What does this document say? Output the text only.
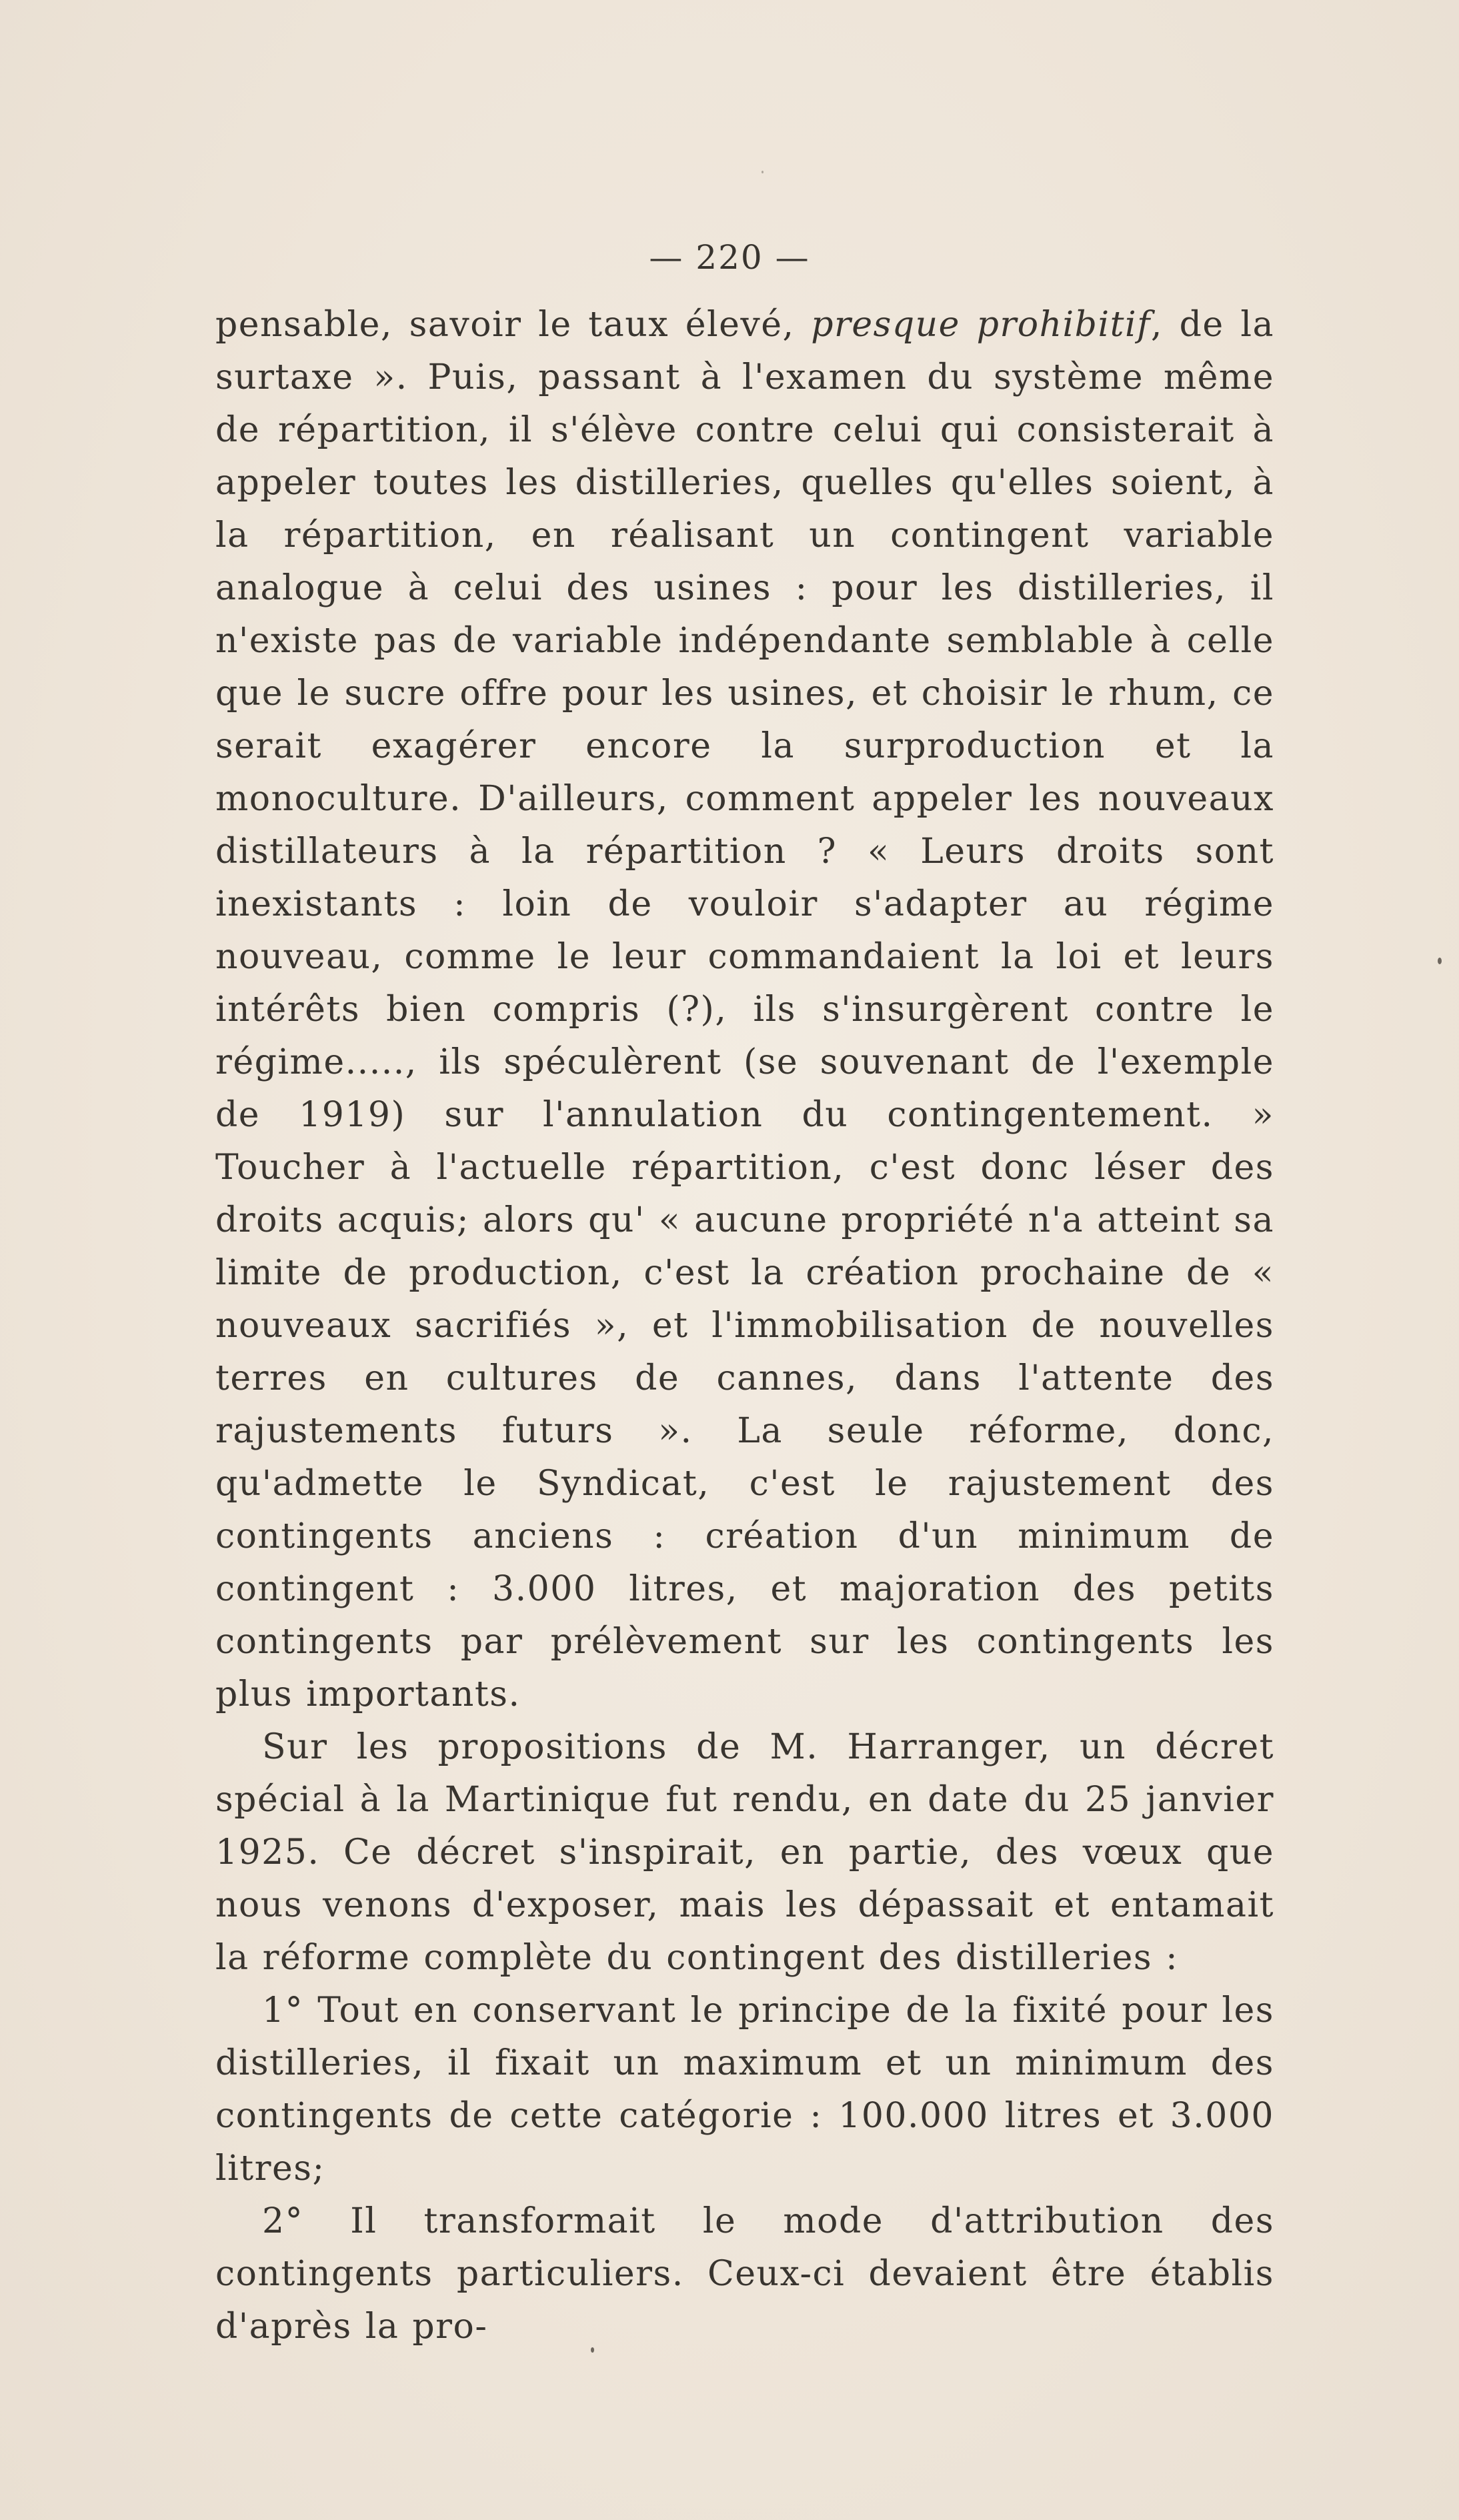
— 220 —

pensable, savoir le taux élevé, presque prohibitif, de la surtaxe ». Puis, passant à l'examen du système même de répartition, il s'élève contre celui qui consisterait à appeler toutes les distilleries, quelles qu'elles soient, à la répartition, en réalisant un contingent variable analogue à celui des usines : pour les distilleries, il n'existe pas de variable indépendante semblable à celle que le sucre offre pour les usines, et choisir le rhum, ce serait exagérer encore la surproduction et la monoculture. D'ailleurs, comment appeler les nouveaux distillateurs à la répartition ? « Leurs droits sont inexistants : loin de vouloir s'adapter au régime nouveau, comme le leur commandaient la loi et leurs intérêts bien compris (?), ils s'insurgèrent contre le régime....., ils spéculèrent (se souvenant de l'exemple de 1919) sur l'annulation du contingentement. » Toucher à l'actuelle répartition, c'est donc léser des droits acquis; alors qu' « aucune propriété n'a atteint sa limite de production, c'est la création prochaine de « nouveaux sacrifiés », et l'immobilisation de nouvelles terres en cultures de cannes, dans l'attente des rajustements futurs ». La seule réforme, donc, qu'admette le Syndicat, c'est le rajustement des contingents anciens : création d'un minimum de contingent : 3.000 litres, et majoration des petits contingents par prélèvement sur les contingents les plus importants.

Sur les propositions de M. Harranger, un décret spécial à la Martinique fut rendu, en date du 25 janvier 1925. Ce décret s'inspirait, en partie, des vœux que nous venons d'exposer, mais les dépassait et entamait la réforme complète du contingent des distilleries :

1° Tout en conservant le principe de la fixité pour les distilleries, il fixait un maximum et un minimum des contingents de cette catégorie : 100.000 litres et 3.000 litres;

2° Il transformait le mode d'attribution des contingents particuliers. Ceux-ci devaient être établis d'après la pro-
